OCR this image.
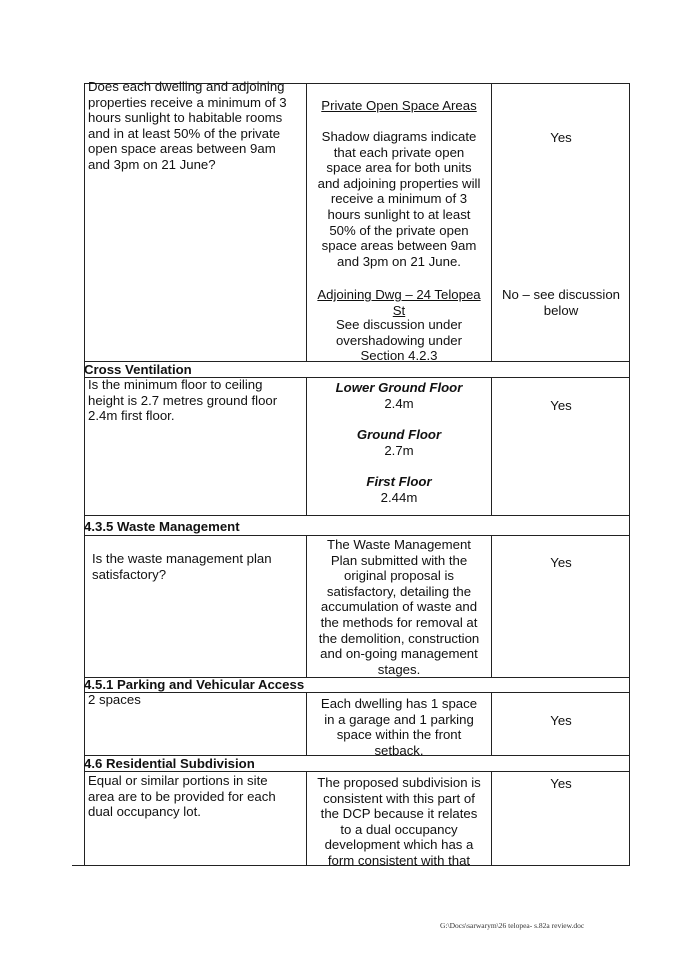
Does each dwelling and adjoining
properties receive a minimum of 3
hours sunlight to habitable rooms
and in at least 50% of the private
open space areas between 9am
and 3pm on 21 June?
Private Open Space Areas
Shadow diagrams indicate
that each private open
space area for both units
and adjoining properties will
receive a minimum of 3
hours sunlight to at least
50% of the private open
space areas between 9am
and 3pm on 21 June.
Yes
Adjoining Dwg – 24 Telopea
St
See discussion under
overshadowing under
Section 4.2.3
No – see discussion
below
Cross Ventilation
Is the minimum floor to ceiling
height is 2.7 metres ground floor
2.4m first floor.
Lower Ground Floor
2.4m
Ground Floor
2.7m
First Floor
2.44m
Yes
4.3.5 Waste Management
Is the waste management plan
satisfactory?
The Waste Management
Plan submitted with the
original proposal is
satisfactory, detailing the
accumulation of waste and
the methods for removal at
the demolition, construction
and on-going management
stages.
Yes
4.5.1 Parking and Vehicular Access
2 spaces	Each dwelling has 1 space
in a garage and 1 parking
space within the front
setback.
Yes
4.6 Residential Subdivision
Equal or similar portions in site
area are to be provided for each
dual occupancy lot.
The proposed subdivision is
consistent with this part of
the DCP because it relates
to a dual occupancy
development which has a
form consistent with that
Yes
G:\Docs\sarwarym\26 telopea- s.82a review.doc
